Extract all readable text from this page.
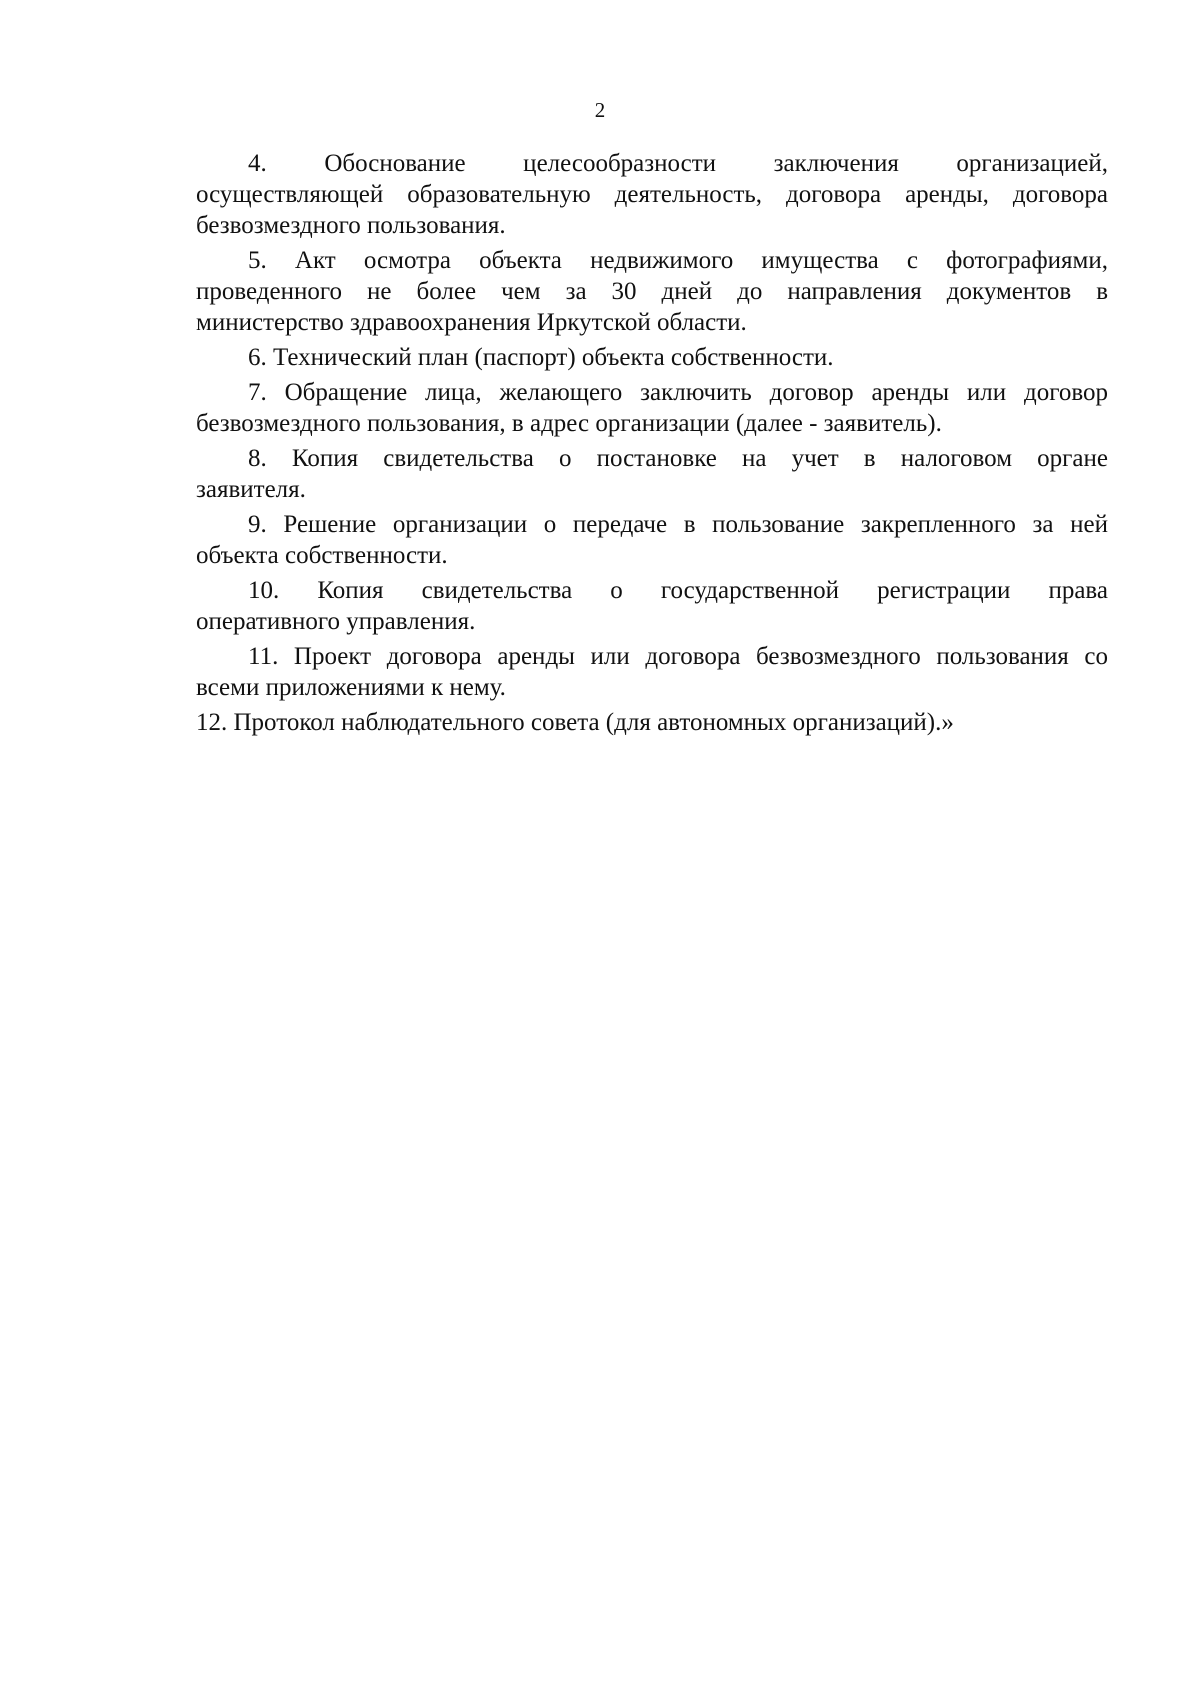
2
4. Обоснование целесообразности заключения организацией,
осуществляющей образовательную деятельность, договора аренды, договора
безвозмездного пользования.
5. Акт осмотра объекта недвижимого имущества с фотографиями,
проведенного не более чем за 30 дней до направления документов в
министерство здравоохранения Иркутской области.
6. Технический план (паспорт) объекта собственности.
7. Обращение лица, желающего заключить договор аренды или договор
безвозмездного пользования, в адрес организации (далее - заявитель).
8. Копия свидетельства о постановке на учет в налоговом органе
заявителя.
9. Решение организации о передаче в пользование закрепленного за ней
объекта собственности.
10. Копия свидетельства о государственной регистрации права
оперативного управления.
11. Проект договора аренды или договора безвозмездного пользования со
всеми приложениями к нему.
12. Протокол наблюдательного совета (для автономных организаций).»
